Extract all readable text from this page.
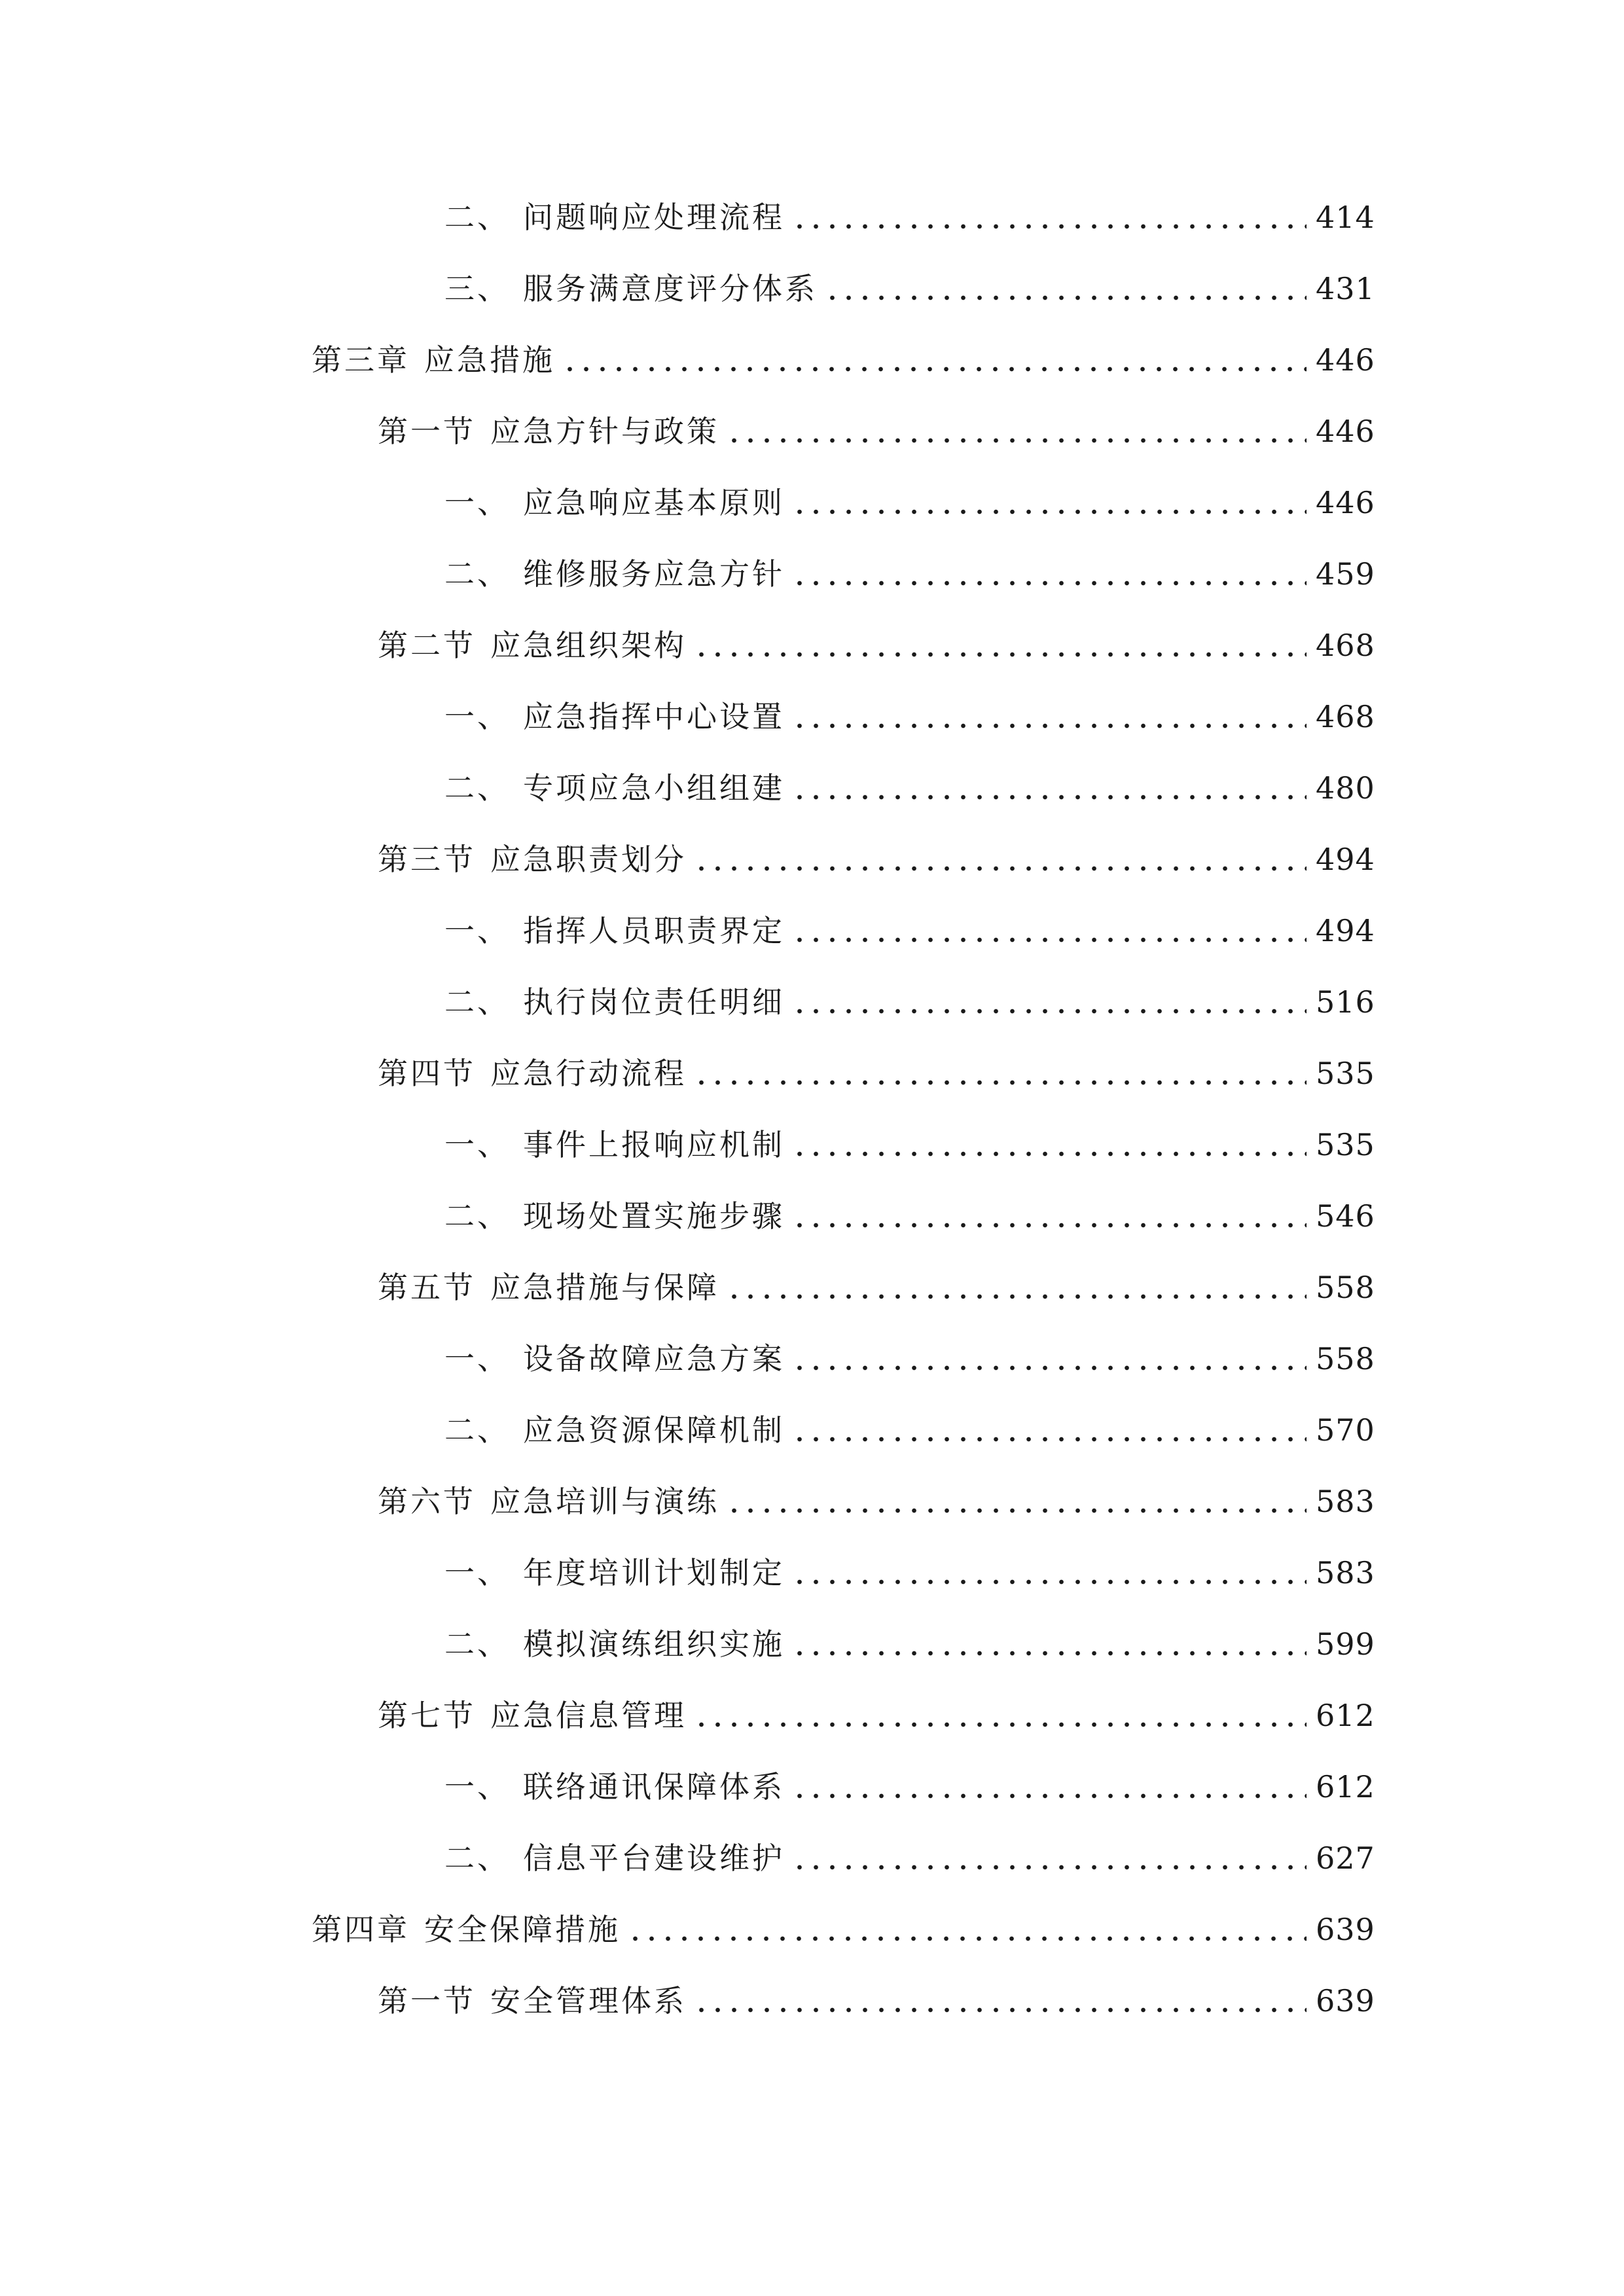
二、 问题响应处理流程	414
三、 服务满意度评分体系	431
第三章 应急措施	446
第一节 应急方针与政策	446
一、 应急响应基本原则	446
二、 维修服务应急方针	459
第二节 应急组织架构	468
一、 应急指挥中心设置	468
二、 专项应急小组组建	480
第三节 应急职责划分	494
一、 指挥人员职责界定	494
二、 执行岗位责任明细	516
第四节 应急行动流程	535
一、 事件上报响应机制	535
二、 现场处置实施步骤	546
第五节 应急措施与保障	558
一、 设备故障应急方案	558
二、 应急资源保障机制	570
第六节 应急培训与演练	583
一、 年度培训计划制定	583
二、 模拟演练组织实施	599
第七节 应急信息管理	612
一、 联络通讯保障体系	612
二、 信息平台建设维护	627
第四章 安全保障措施	639
第一节 安全管理体系	639
